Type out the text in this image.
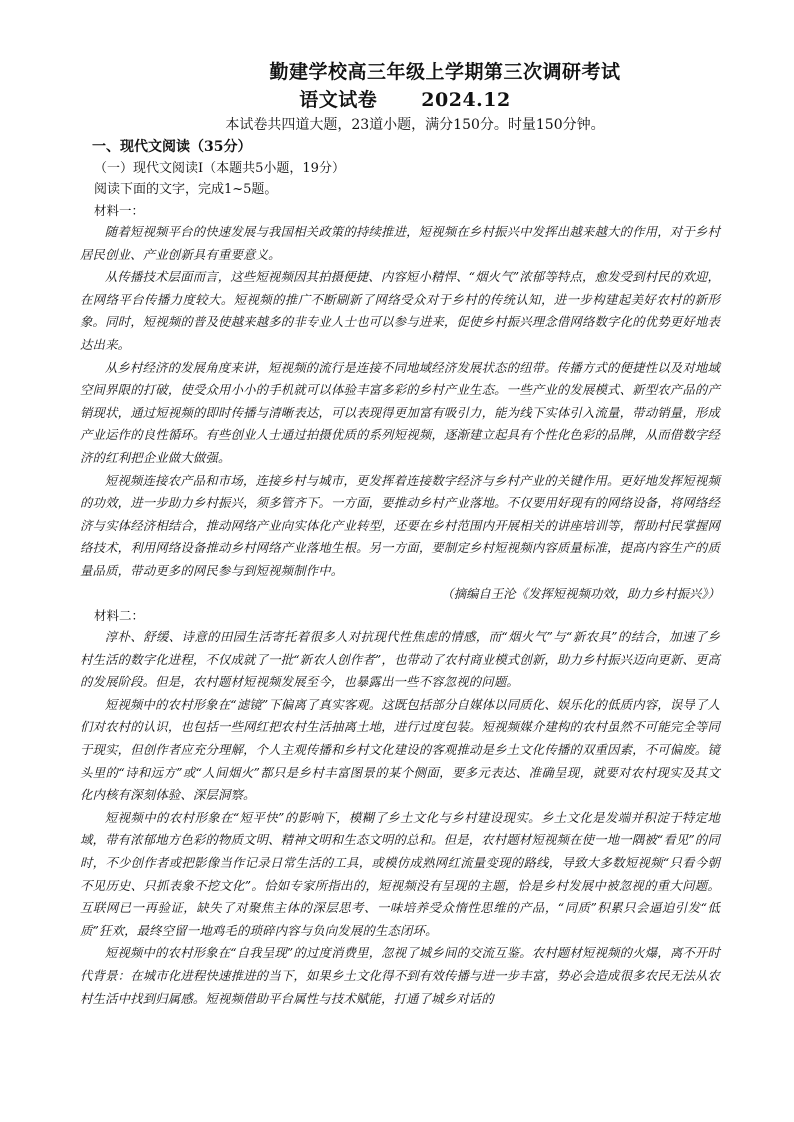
勤建学校高三年级上学期第三次调研考试

语文试卷 2024.12

本试卷共四道大题，23道小题，满分150分。时量150分钟。

一、现代文阅读（35分）

（一）现代文阅读Ⅰ（本题共5小题，19分）

阅读下面的文字，完成1~5题。

材料一：

随着短视频平台的快速发展与我国相关政策的持续推进，短视频在乡村振兴中发挥出越来越大的作用，对于乡村居民创业、产业创新具有重要意义。

从传播技术层面而言，这些短视频因其拍摄便捷、内容短小精悍、“烟火气”浓郁等特点，愈发受到村民的欢迎，在网络平台传播力度较大。短视频的推广不断刷新了网络受众对于乡村的传统认知，进一步构建起美好农村的新形象。同时，短视频的普及使越来越多的非专业人士也可以参与进来，促使乡村振兴理念借网络数字化的优势更好地表达出来。

从乡村经济的发展角度来讲，短视频的流行是连接不同地域经济发展状态的纽带。传播方式的便捷性以及对地域空间界限的打破，使受众用小小的手机就可以体验丰富多彩的乡村产业生态。一些产业的发展模式、新型农产品的产销现状，通过短视频的即时传播与清晰表达，可以表现得更加富有吸引力，能为线下实体引入流量，带动销量，形成产业运作的良性循环。有些创业人士通过拍摄优质的系列短视频，逐渐建立起具有个性化色彩的品牌，从而借数字经济的红利把企业做大做强。

短视频连接农产品和市场，连接乡村与城市，更发挥着连接数字经济与乡村产业的关键作用。更好地发挥短视频的功效，进一步助力乡村振兴，须多管齐下。一方面，要推动乡村产业落地。不仅要用好现有的网络设备，将网络经济与实体经济相结合，推动网络产业向实体化产业转型，还要在乡村范围内开展相关的讲座培训等，帮助村民掌握网络技术，利用网络设备推动乡村网络产业落地生根。另一方面，要制定乡村短视频内容质量标准，提高内容生产的质量品质，带动更多的网民参与到短视频制作中。

（摘编自王沦《发挥短视频功效，助力乡村振兴》）

材料二：

淳朴、舒缓、诗意的田园生活寄托着很多人对抗现代性焦虑的情感，而“烟火气”与“新农具”的结合，加速了乡村生活的数字化进程，不仅成就了一批“新农人创作者”，也带动了农村商业模式创新，助力乡村振兴迈向更新、更高的发展阶段。但是，农村题材短视频发展至今，也暴露出一些不容忽视的问题。

短视频中的农村形象在“滤镜”下偏离了真实客观。这既包括部分自媒体以同质化、娱乐化的低质内容，误导了人们对农村的认识，也包括一些网红把农村生活抽离土地，进行过度包装。短视频媒介建构的农村虽然不可能完全等同于现实，但创作者应充分理解，个人主观传播和乡村文化建设的客观推动是乡土文化传播的双重因素，不可偏废。镜头里的“诗和远方”或“人间烟火”都只是乡村丰富图景的某个侧面，要多元表达、准确呈现，就要对农村现实及其文化内核有深刻体验、深层洞察。

短视频中的农村形象在“短平快”的影响下，模糊了乡土文化与乡村建设现实。乡土文化是发端并积淀于特定地域，带有浓郁地方色彩的物质文明、精神文明和生态文明的总和。但是，农村题材短视频在使一地一隅被“看见”的同时，不少创作者或把影像当作记录日常生活的工具，或模仿成熟网红流量变现的路线，导致大多数短视频“只看今朝不见历史、只抓表象不挖文化”。恰如专家所指出的，短视频没有呈现的主题，恰是乡村发展中被忽视的重大问题。互联网已一再验证，缺失了对聚焦主体的深层思考、一味培养受众惰性思维的产品，“同质”积累只会逼迫引发“低质”狂欢，最终空留一地鸡毛的琐碎内容与负向发展的生态闭环。

短视频中的农村形象在“自我呈现”的过度消费里，忽视了城乡间的交流互鉴。农村题材短视频的火爆，离不开时代背景：在城市化进程快速推进的当下，如果乡土文化得不到有效传播与进一步丰富，势必会造成很多农民无法从农村生活中找到归属感。短视频借助平台属性与技术赋能，打通了城乡对话的
